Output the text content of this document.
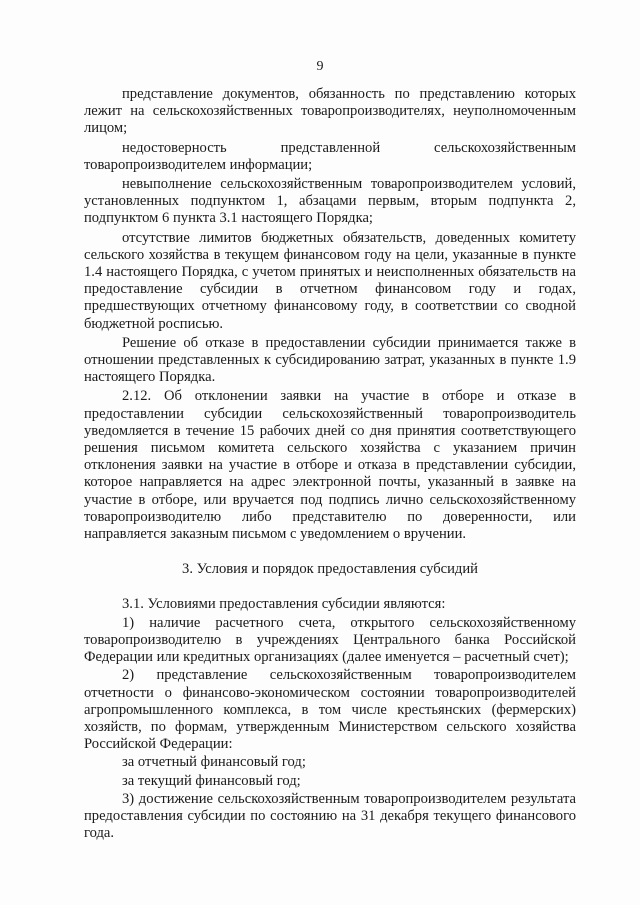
9

представление документов, обязанность по представлению которых лежит на сельскохозяйственных товаропроизводителях, неуполномоченным лицом;

недостоверность представленной сельскохозяйственным товаропроизводителем информации;

невыполнение сельскохозяйственным товаропроизводителем условий, установленных подпунктом 1, абзацами первым, вторым подпункта 2, подпунктом 6 пункта 3.1 настоящего Порядка;

отсутствие лимитов бюджетных обязательств, доведенных комитету сельского хозяйства в текущем финансовом году на цели, указанные в пункте 1.4 настоящего Порядка, с учетом принятых и неисполненных обязательств на предоставление субсидии в отчетном финансовом году и годах, предшествующих отчетному финансовому году, в соответствии со сводной бюджетной росписью.

Решение об отказе в предоставлении субсидии принимается также в отношении представленных к субсидированию затрат, указанных в пункте 1.9 настоящего Порядка.

2.12. Об отклонении заявки на участие в отборе и отказе в предоставлении субсидии сельскохозяйственный товаропроизводитель уведомляется в течение 15 рабочих дней со дня принятия соответствующего решения письмом комитета сельского хозяйства с указанием причин отклонения заявки на участие в отборе и отказа в представлении субсидии, которое направляется на адрес электронной почты, указанный в заявке на участие в отборе, или вручается под подпись лично сельскохозяйственному товаропроизводителю либо представителю по доверенности, или направляется заказным письмом с уведомлением о вручении.

3. Условия и порядок предоставления субсидий

3.1. Условиями предоставления субсидии являются:

1) наличие расчетного счета, открытого сельскохозяйственному товаропроизводителю в учреждениях Центрального банка Российской Федерации или кредитных организациях (далее именуется – расчетный счет);

2) представление сельскохозяйственным товаропроизводителем отчетности о финансово-экономическом состоянии товаропроизводителей агропромышленного комплекса, в том числе крестьянских (фермерских) хозяйств, по формам, утвержденным Министерством сельского хозяйства Российской Федерации:

за отчетный финансовый год;

за текущий финансовый год;

3) достижение сельскохозяйственным товаропроизводителем результата предоставления субсидии по состоянию на 31 декабря текущего финансового года.
